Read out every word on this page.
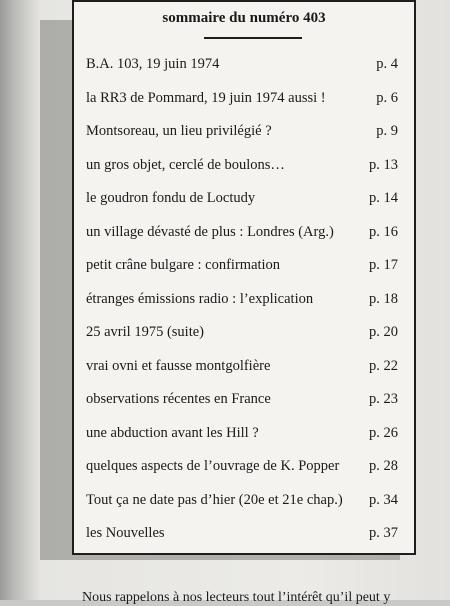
sommaire du numéro 403
B.A. 103, 19 juin 1974	p. 4
la RR3 de Pommard, 19 juin 1974 aussi !	p. 6
Montsoreau, un lieu privilégié ?	p. 9
un gros objet, cerclé de boulons…	p. 13
le goudron fondu de Loctudy	p. 14
un village dévasté de plus : Londres (Arg.) p. 16
petit crâne bulgare : confirmation	p. 17
étranges émissions radio : l’explication	p. 18
25 avril 1975 (suite)	p. 20
vrai ovni et fausse montgolfière	p. 22
observations récentes en France	p. 23
une abduction avant les Hill ?	p. 26
quelques aspects de l’ouvrage de K. Popper p. 28
Tout ça ne date pas d’hier (20e et 21e chap.) p. 34
les Nouvelles	p. 37
Nous rappelons à nos lecteurs tout l’intérêt qu’il peut y
